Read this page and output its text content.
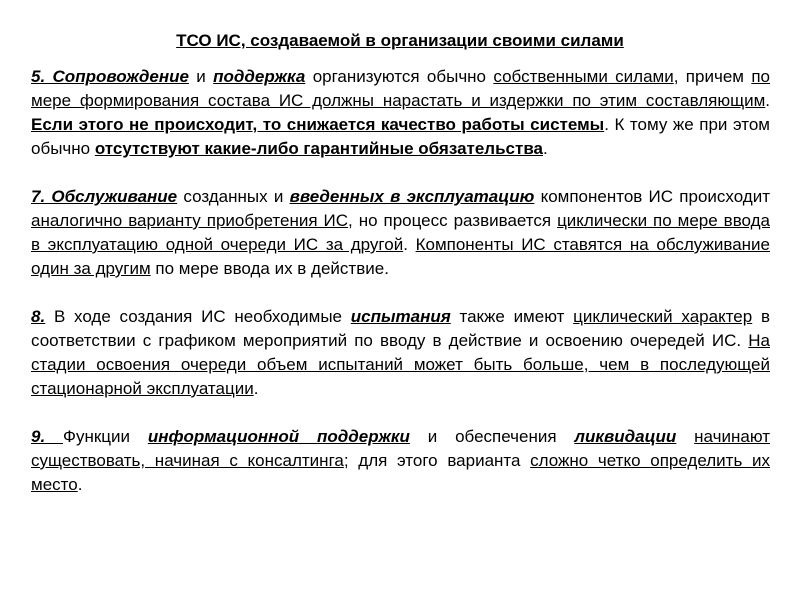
ТСО ИС, создаваемой в организации своими силами

5. Сопровождение и поддержка организуются обычно собственными силами, причем по мере формирования состава ИС должны нарастать и издержки по этим составляющим. Если этого не происходит, то снижается качество работы системы. К тому же при этом обычно отсутствуют какие-либо гарантийные обязательства.

7. Обслуживание созданных и введенных в эксплуатацию компонентов ИС происходит аналогично варианту приобретения ИС, но процесс развивается циклически по мере ввода в эксплуатацию одной очереди ИС за другой. Компоненты ИС ставятся на обслуживание один за другим по мере ввода их в действие.

8. В ходе создания ИС необходимые испытания также имеют циклический характер в соответствии с графиком мероприятий по вводу в действие и освоению очередей ИС. На стадии освоения очереди объем испытаний может быть больше, чем в последующей стационарной эксплуатации.

9. Функции информационной поддержки и обеспечения ликвидации начинают существовать, начиная с консалтинга; для этого варианта сложно четко определить их место.
